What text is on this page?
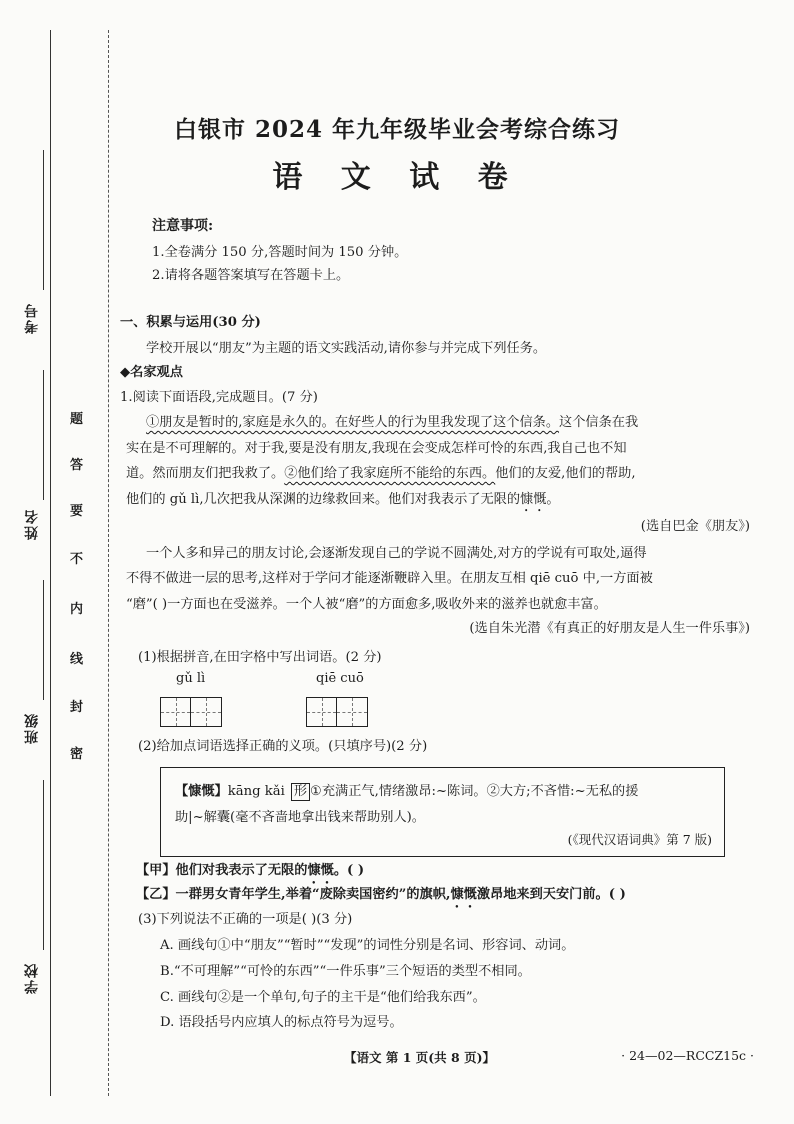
考号
姓名
班级
学校
题
答
要
不
内
线
封
密
白银市 2024 年九年级毕业会考综合练习
语 文 试 卷
注意事项:
1.全卷满分 150 分,答题时间为 150 分钟。
2.请将各题答案填写在答题卡上。
一、积累与运用(30 分)
学校开展以“朋友”为主题的语文实践活动,请你参与并完成下列任务。
◆名家观点
1.阅读下面语段,完成题目。(7 分)
①朋友是暂时的,家庭是永久的。在好些人的行为里我发现了这个信条。这个信条在我
实在是不可理解的。对于我,要是没有朋友,我现在会变成怎样可怜的东西,我自己也不知
道。然而朋友们把我救了。②他们给了我家庭所不能给的东西。他们的友爱,他们的帮助,
他们的 gǔ lì,几次把我从深渊的边缘救回来。他们对我表示了无限的慷慨。
(选自巴金《朋友》)
一个人多和异己的朋友讨论,会逐渐发现自己的学说不圆满处,对方的学说有可取处,逼得
不得不做进一层的思考,这样对于学问才能逐渐鞭辟入里。在朋友互相 qiē cuō 中,一方面被
“磨”( )一方面也在受滋养。一个人被“磨”的方面愈多,吸收外来的滋养也就愈丰富。
(选自朱光潜《有真正的好朋友是人生一件乐事》)
(1)根据拼音,在田字格中写出词语。(2 分)
gǔ lì	qiē cuō
(2)给加点词语选择正确的义项。(只填序号)(2 分)
【慷慨】kāng kǎi 形 ①充满正气,情绪激昂:~陈词。②大方;不吝惜:~无私的援
助|~解囊(毫不吝啬地拿出钱来帮助别人)。
(《现代汉语词典》第 7 版)
【甲】他们对我表示了无限的慷慨。( )
【乙】一群男女青年学生,举着“废除卖国密约”的旗帜,慷慨激昂地来到天安门前。( )
(3)下列说法不正确的一项是( )(3 分)
A. 画线句①中“朋友”“暂时”“发现”的词性分别是名词、形容词、动词。
B.“不可理解”“可怜的东西”“一件乐事”三个短语的类型不相同。
C. 画线句②是一个单句,句子的主干是“他们给我东西”。
D. 语段括号内应填人的标点符号为逗号。
【语文 第 1 页(共 8 页)】	· 24—02—RCCZ15c ·
